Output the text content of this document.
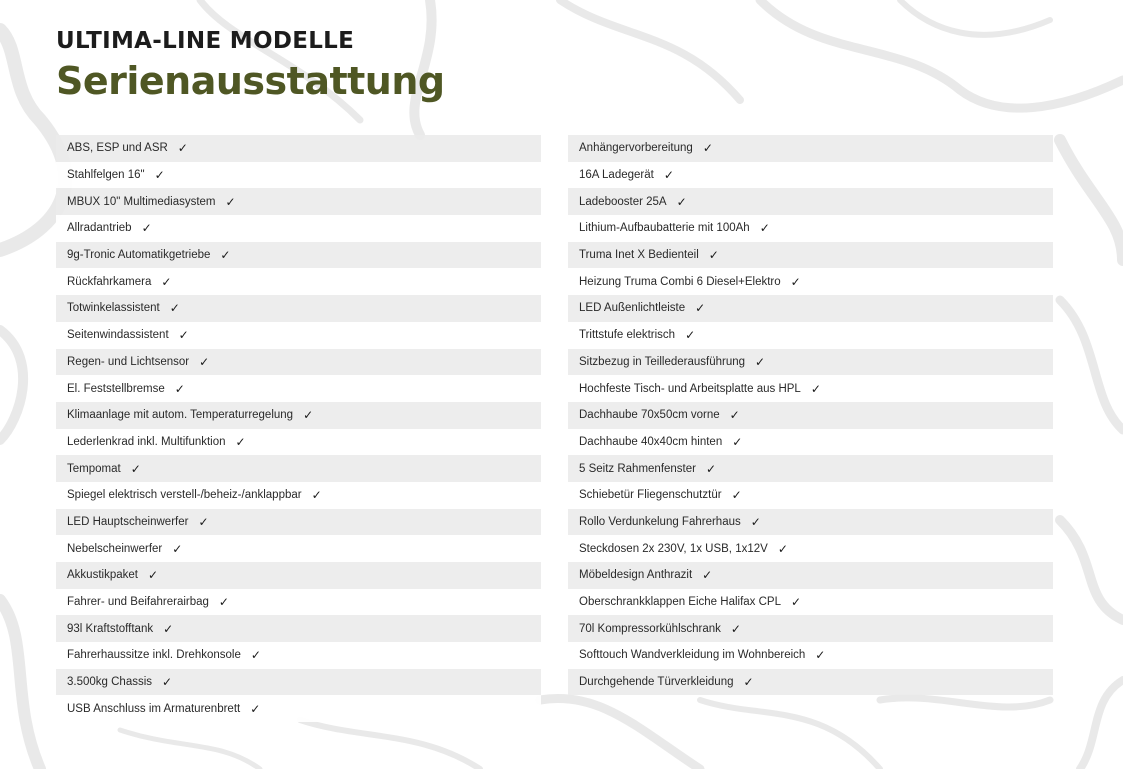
ULTIMA-LINE MODELLE
Serienausstattung
ABS, ESP und ASR ✓
Stahlfelgen 16" ✓
MBUX 10" Multimediasystem ✓
Allradantrieb ✓
9g-Tronic Automatikgetriebe ✓
Rückfahrkamera ✓
Totwinkelassistent ✓
Seitenwindassistent ✓
Regen- und Lichtsensor ✓
El. Feststellbremse ✓
Klimaanlage mit autom. Temperaturregelung ✓
Lederlenkrad inkl. Multifunktion ✓
Tempomat ✓
Spiegel elektrisch verstell-/beheiz-/anklappbar ✓
LED Hauptscheinwerfer ✓
Nebelscheinwerfer ✓
Akkustikpaket ✓
Fahrer- und Beifahrerairbag ✓
93l Kraftstofftank ✓
Fahrerhaussitze inkl. Drehkonsole ✓
3.500kg Chassis ✓
USB Anschluss im Armaturenbrett ✓
Anhängervorbereitung ✓
16A Ladegerät ✓
Ladebooster 25A ✓
Lithium-Aufbaubatterie mit 100Ah ✓
Truma Inet X Bedienteil ✓
Heizung Truma Combi 6 Diesel+Elektro ✓
LED Außenlichtleiste ✓
Trittstufe elektrisch ✓
Sitzbezug in Teillederausführung ✓
Hochfeste Tisch- und Arbeitsplatte aus HPL ✓
Dachhaube 70x50cm vorne ✓
Dachhaube 40x40cm hinten ✓
5 Seitz Rahmenfenster ✓
Schiebetür Fliegenschutztür ✓
Rollo Verdunkelung Fahrerhaus ✓
Steckdosen 2x 230V, 1x USB, 1x12V ✓
Möbeldesign Anthrazit ✓
Oberschrankklappen Eiche Halifax CPL ✓
70l Kompressorkühlschrank ✓
Softtouch Wandverkleidung im Wohnbereich ✓
Durchgehende Türverkleidung ✓
